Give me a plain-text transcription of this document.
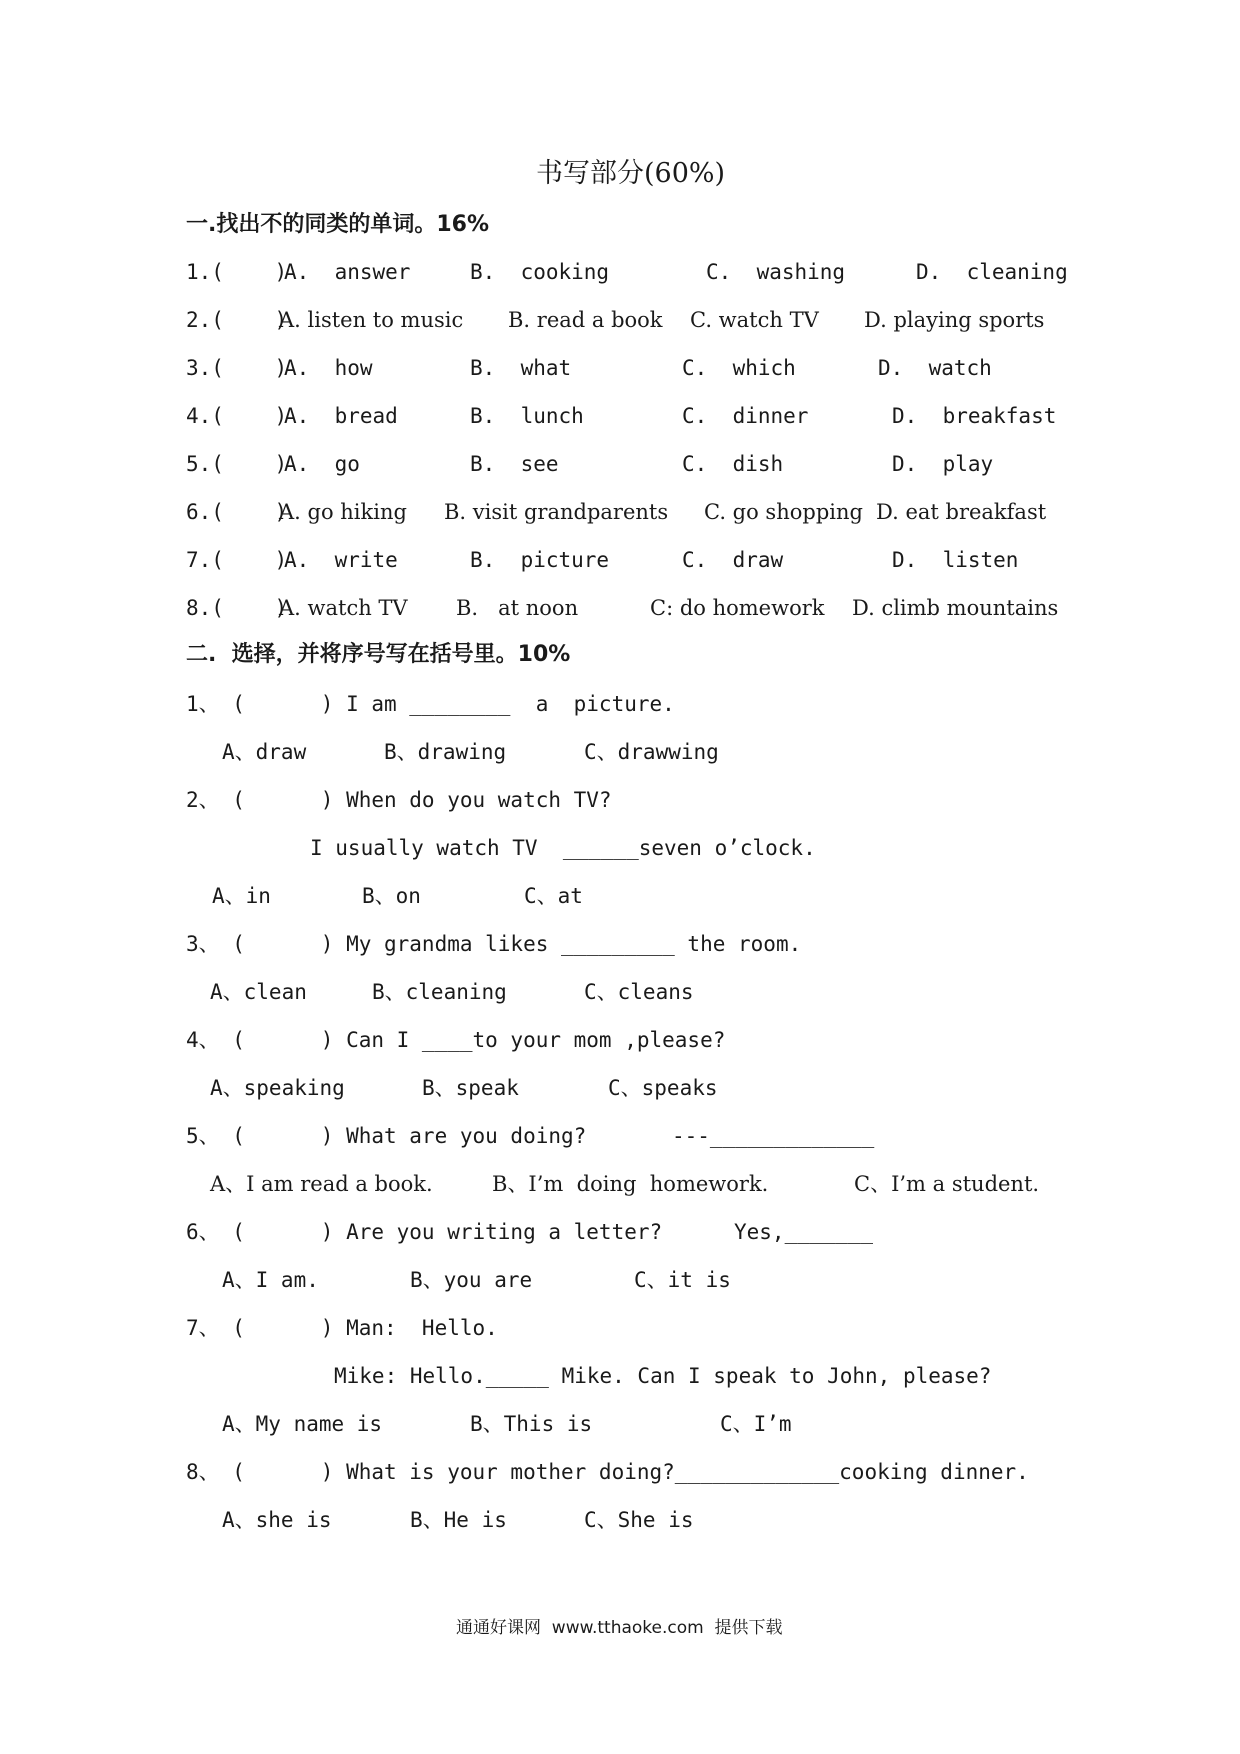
书写部分(60%)
一.找出不的同类的单词。16%
1.(    )
A.  answer	B.  cooking	C.  washing	D.  cleaning
2.(    )
A. listen to music B. read a book C. watch TV D. playing sports
3.(    )
A.  how	B.  what	C.  which	D.  watch
4.(    )
A.  bread	B.  lunch	C.  dinner	D.  breakfast
5.(    )
A.  go	B.  see	C.  dish	D.  play
6.(    )
A. go hiking B. visit grandparents C. go shopping D. eat breakfast
7.(    )
A.  write	B.  picture	C.  draw	D.  listen
8.(    )
A. watch TV B.   at noon	C: do homework D. climb mountains
二.  选择，并将序号写在括号里。10%
1、 (      ) I am ________  a  picture.
A、draw	B、drawing	C、drawwing
2、 (      ) When do you watch TV?
I usually watch TV  ______seven o’clock.
A、in	B、on	C、at
3、 (      ) My grandma likes _________ the room.
A、clean	B、cleaning	C、cleans
4、 (      ) Can I ____to your mom ,please?
A、speaking	B、speak	C、speaks
5、 (      ) What are you doing?	---_____________
A、I am read a book.	B、I’m  doing  homework.	C、I’m a student.
6、 (      ) Are you writing a letter?	Yes,_______
A、I am.	B、you are	C、it is
7、 (      ) Man:  Hello.
Mike: Hello._____ Mike. Can I speak to John, please?
A、My name is	B、This is	C、I’m
8、 (      ) What is your mother doing?_____________cooking dinner.
A、she is	B、He is	C、She is
通通好课网  www.tthaoke.com  提供下载
